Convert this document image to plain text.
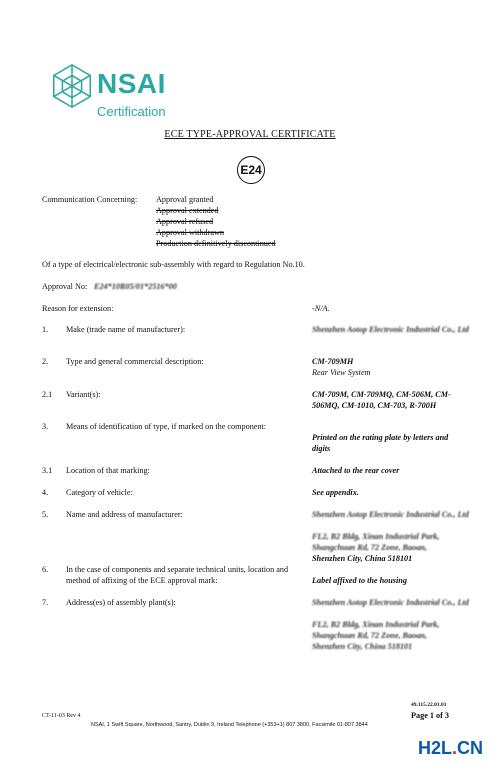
NSAI
Certification
ECE TYPE-APPROVAL CERTIFICATE
E24
Communication Concerning: Approval granted
Approval extended
Approval refused
Approval withdrawn
Production definitively discontinued
Of a type of electrical/electronic sub-assembly with regard to Regulation No.10.
Approval No: E24*10R05/01*2516*00
Reason for extension:	-N/A.
1. Make (trade name of manufacturer):	Shenzhen Aotop Electronic Industrial Co., Ltd
2. Type and general commercial description:	CM-709MH
Rear View System
2.1 Variant(s):	CM-709M, CM-709MQ, CM-506M, CM-506MQ, CM-1010, CM-703, R-700H
3. Means of identification of type, if marked on the component:
Printed on the rating plate by letters and digits
3.1 Location of that marking:	Attached to the rear cover
4. Category of vehicle:	See appendix.
5. Name and address of manufacturer:	Shenzhen Aotop Electronic Industrial Co., Ltd
FL2, B2 Bldg, Xinan Industrial Park, Shangchuan Rd, 72 Zone, Baoan,
Shenzhen City, China 518101
6. In the case of components and separate technical units, location and method of affixing of the ECE approval mark:	Label affixed to the housing
7. Address(es) of assembly plant(s):	Shenzhen Aotop Electronic Industrial Co., Ltd
FL2, B2 Bldg, Xinan Industrial Park, Shangchuan Rd, 72 Zone, Baoan,
Shenzhen City, China 518101
49.115.22.01.01
Page 1 of 3
CT-11-03 Rev 4
NSAI, 1 Swift Square, Northwood, Santry, Dublin 9, Ireland Telephone (+353+1) 807 3800, Facsimile 01-807 3844
H2L.CN
